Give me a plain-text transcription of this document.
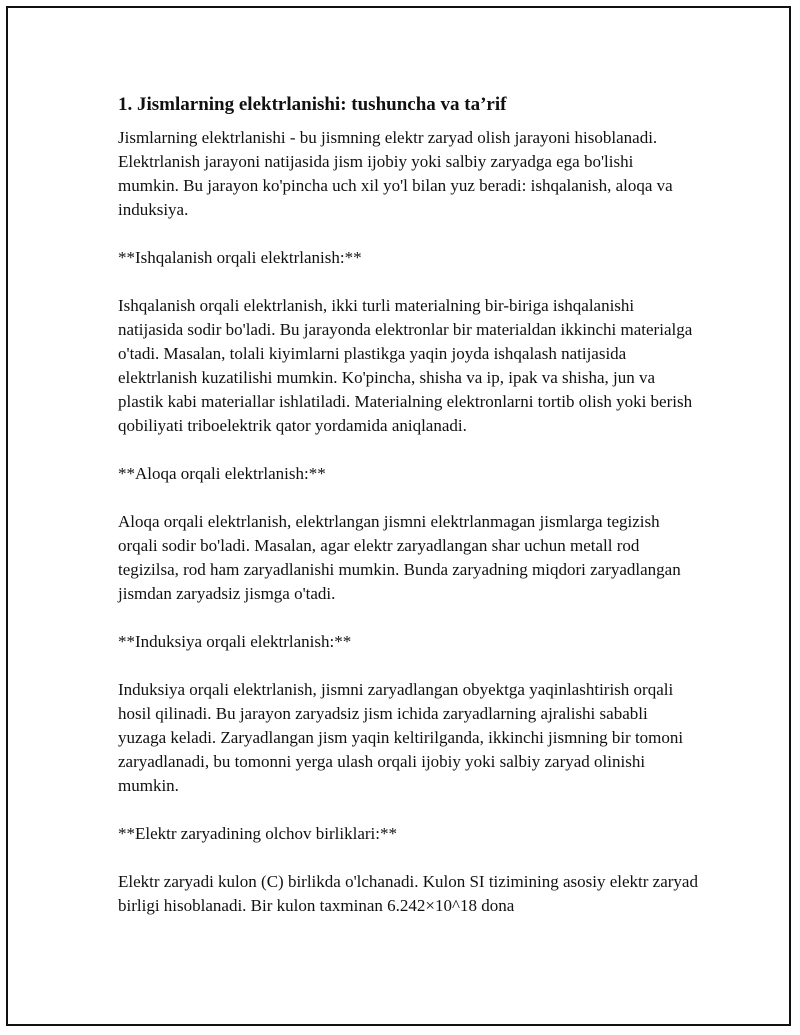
1. Jismlarning elektrlanishi: tushuncha va ta’rif

Jismlarning elektrlanishi - bu jismning elektr zaryad olish jarayoni hisoblanadi. Elektrlanish jarayoni natijasida jism ijobiy yoki salbiy zaryadga ega bo'lishi mumkin. Bu jarayon ko'pincha uch xil yo'l bilan yuz beradi: ishqalanish, aloqa va induksiya.

**Ishqalanish orqali elektrlanish:**

Ishqalanish orqali elektrlanish, ikki turli materialning bir-biriga ishqalanishi natijasida sodir bo'ladi. Bu jarayonda elektronlar bir materialdan ikkinchi materialga o'tadi. Masalan, tolali kiyimlarni plastikga yaqin joyda ishqalash natijasida elektrlanish kuzatilishi mumkin. Ko'pincha, shisha va ip, ipak va shisha, jun va plastik kabi materiallar ishlatiladi. Materialning elektronlarni tortib olish yoki berish qobiliyati triboelektrik qator yordamida aniqlanadi.

**Aloqa orqali elektrlanish:**

Aloqa orqali elektrlanish, elektrlangan jismni elektrlanmagan jismlarga tegizish orqali sodir bo'ladi. Masalan, agar elektr zaryadlangan shar uchun metall rod tegizilsa, rod ham zaryadlanishi mumkin. Bunda zaryadning miqdori zaryadlangan jismdan zaryadsiz jismga o'tadi.

**Induksiya orqali elektrlanish:**

Induksiya orqali elektrlanish, jismni zaryadlangan obyektga yaqinlashtirish orqali hosil qilinadi. Bu jarayon zaryadsiz jism ichida zaryadlarning ajralishi sababli yuzaga keladi. Zaryadlangan jism yaqin keltirilganda, ikkinchi jismning bir tomoni zaryadlanadi, bu tomonni yerga ulash orqali ijobiy yoki salbiy zaryad olinishi mumkin.

**Elektr zaryadining olchov birliklari:**

Elektr zaryadi kulon (C) birlikda o'lchanadi. Kulon SI tizimining asosiy elektr zaryad birligi hisoblanadi. Bir kulon taxminan 6.242×10^18 dona
